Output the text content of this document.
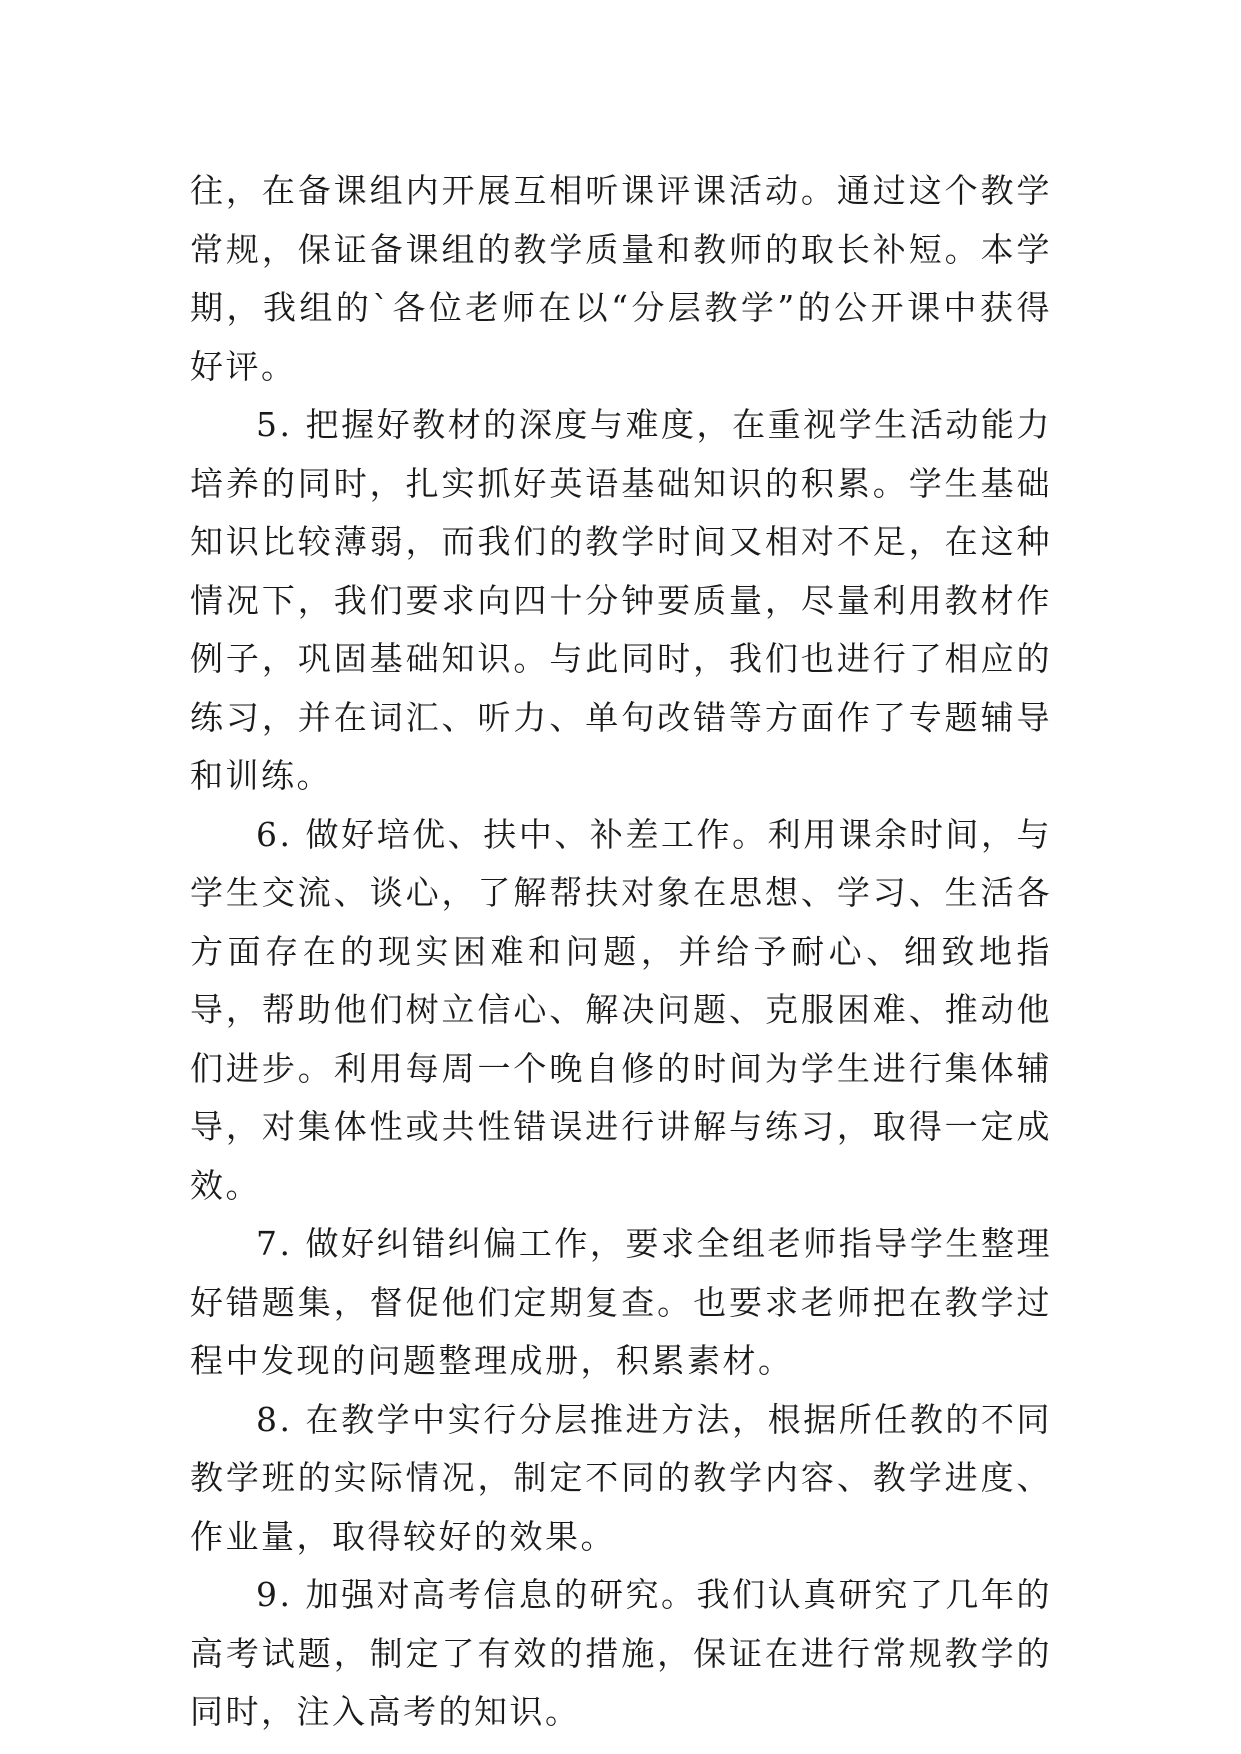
往，在备课组内开展互相听课评课活动。通过这个教学常规，保证备课组的教学质量和教师的取长补短。本学期，我组的`各位老师在以“分层教学”的公开课中获得好评。

5. 把握好教材的深度与难度，在重视学生活动能力培养的同时，扎实抓好英语基础知识的积累。学生基础知识比较薄弱，而我们的教学时间又相对不足，在这种情况下，我们要求向四十分钟要质量，尽量利用教材作例子，巩固基础知识。与此同时，我们也进行了相应的练习，并在词汇、听力、单句改错等方面作了专题辅导和训练。

6. 做好培优、扶中、补差工作。利用课余时间，与学生交流、谈心，了解帮扶对象在思想、学习、生活各方面存在的现实困难和问题，并给予耐心、细致地指导，帮助他们树立信心、解决问题、克服困难、推动他们进步。利用每周一个晚自修的时间为学生进行集体辅导，对集体性或共性错误进行讲解与练习，取得一定成效。

7. 做好纠错纠偏工作，要求全组老师指导学生整理好错题集，督促他们定期复查。也要求老师把在教学过程中发现的问题整理成册，积累素材。

8. 在教学中实行分层推进方法，根据所任教的不同教学班的实际情况，制定不同的教学内容、教学进度、作业量，取得较好的效果。

9. 加强对高考信息的研究。我们认真研究了几年的高考试题，制定了有效的措施，保证在进行常规教学的同时，注入高考的知识。
